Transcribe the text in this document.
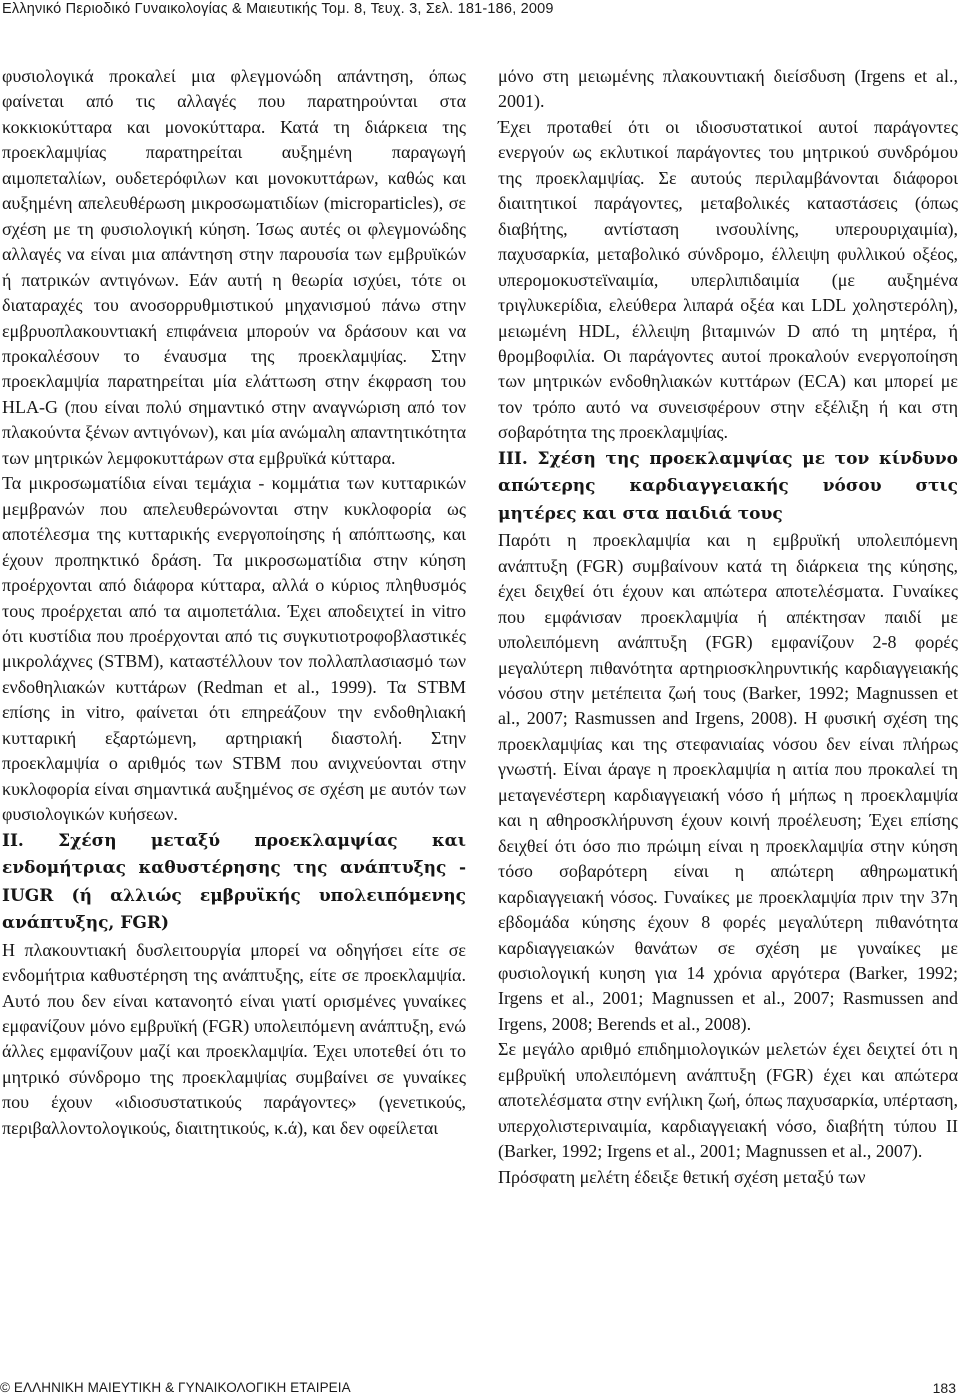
Ελληνικό Περιοδικό Γυναικολογίας & Μαιευτικής Τομ. 8, Τευχ. 3, Σελ. 181-186, 2009

φυσιολογικά προκαλεί μια φλεγμονώδη απάντηση, όπως φαίνεται από τις αλλαγές που παρατηρούνται στα κοκκιοκύτταρα και μονοκύτταρα. Κατά τη διάρκεια της προεκλαμψίας παρατηρείται αυξημένη παραγωγή αιμοπεταλίων, ουδετερόφιλων και μονοκυττάρων, καθώς και αυξημένη απελευθέρωση μικροσωματιδίων (microparticles), σε σχέση με τη φυσιολογική κύηση. Ίσως αυτές οι φλεγμονώδης αλλαγές να είναι μια απάντηση στην παρουσία των εμβρυϊκών ή πατρικών αντιγόνων. Εάν αυτή η θεωρία ισχύει, τότε οι διαταραχές του ανοσορρυθμιστικού μηχανισμού πάνω στην εμβρυοπλακουντιακή επιφάνεια μπορούν να δράσουν και να προκαλέσουν το έναυσμα της προεκλαμψίας. Στην προεκλαμψία παρατηρείται μία ελάττωση στην έκφραση του HLA-G (που είναι πολύ σημαντικό στην αναγνώριση από τον πλακούντα ξένων αντιγόνων), και μία ανώμαλη απαντητικότητα των μητρικών λεμφοκυττάρων στα εμβρυϊκά κύτταρα.

Τα μικροσωματίδια είναι τεμάχια - κομμάτια των κυτταρικών μεμβρανών που απελευθερώνονται στην κυκλοφορία ως αποτέλεσμα της κυτταρικής ενεργοποίησης ή απόπτωσης, και έχουν προπηκτικό δράση. Τα μικροσωματίδια στην κύηση προέρχονται από διάφορα κύτταρα, αλλά ο κύριος πληθυσμός τους προέρχεται από τα αιμοπετάλια. Έχει αποδειχτεί in vitro ότι κυστίδια που προέρχονται από τις συγκυτιοτροφοβλαστικές μικρολάχνες (STBM), καταστέλλουν τον πολλαπλασιασμό των ενδοθηλιακών κυττάρων (Redman et al., 1999). Τα STBM επίσης in vitro, φαίνεται ότι επηρεάζουν την ενδοθηλιακή κυτταρική εξαρτώμενη, αρτηριακή διαστολή. Στην προεκλαμψία ο αριθμός των STBM που ανιχνεύονται στην κυκλοφορία είναι σημαντικά αυξημένος σε σχέση με αυτόν των φυσιολογικών κυήσεων.

ΙΙ. Σχέση μεταξύ προεκλαμψίας και ενδομήτριας καθυστέρησης της ανάπτυξης - IUGR (ή αλλιώς εμβρυϊκής υπολειπόμενης ανάπτυξης, FGR)

Η πλακουντιακή δυσλειτουργία μπορεί να οδηγήσει είτε σε ενδομήτρια καθυστέρηση της ανάπτυξης, είτε σε προεκλαμψία. Αυτό που δεν είναι κατανοητό είναι γιατί ορισμένες γυναίκες εμφανίζουν μόνο εμβρυϊκή (FGR) υπολειπόμενη ανάπτυξη, ενώ άλλες εμφανίζουν μαζί και προεκλαμψία. Έχει υποτεθεί ότι το μητρικό σύνδρομο της προεκλαμψίας συμβαίνει σε γυναίκες που έχουν «ιδιοσυστατικούς παράγοντες» (γενετικούς, περιβαλλοντολογικούς, διαιτητικούς, κ.ά), και δεν οφείλεται

μόνο στη μειωμένης πλακουντιακή διείσδυση (Irgens et al., 2001).

Έχει προταθεί ότι οι ιδιοσυστατικοί αυτοί παράγοντες ενεργούν ως εκλυτικοί παράγοντες του μητρικού συνδρόμου της προεκλαμψίας. Σε αυτούς περιλαμβάνονται διάφοροι διαιτητικοί παράγοντες, μεταβολικές καταστάσεις (όπως διαβήτης, αντίσταση ινσουλίνης, υπερουριχαιμία), παχυσαρκία, μεταβολικό σύνδρομο, έλλειψη φυλλικού οξέος, υπερομοκυστεϊναιμία, υπερλιπιδαιμία (με αυξημένα τριγλυκερίδια, ελεύθερα λιπαρά οξέα και LDL χοληστερόλη), μειωμένη HDL, έλλειψη βιταμινών D από τη μητέρα, ή θρομβοφιλία. Οι παράγοντες αυτοί προκαλούν ενεργοποίηση των μητρικών ενδοθηλιακών κυττάρων (ECA) και μπορεί με τον τρόπο αυτό να συνεισφέρουν στην εξέλιξη ή και στη σοβαρότητα της προεκλαμψίας.

ΙΙΙ. Σχέση της προεκλαμψίας με τον κίνδυνο απώτερης καρδιαγγειακής νόσου στις μητέρες και στα παιδιά τους

Παρότι η προεκλαμψία και η εμβρυϊκή υπολειπόμενη ανάπτυξη (FGR) συμβαίνουν κατά τη διάρκεια της κύησης, έχει δειχθεί ότι έχουν και απώτερα αποτελέσματα. Γυναίκες που εμφάνισαν προεκλαμψία ή απέκτησαν παιδί με υπολειπόμενη ανάπτυξη (FGR) εμφανίζουν 2-8 φορές μεγαλύτερη πιθανότητα αρτηριοσκληρυντικής καρδιαγγειακής νόσου στην μετέπειτα ζωή τους (Barker, 1992; Magnussen et al., 2007; Rasmussen and Irgens, 2008). Η φυσική σχέση της προεκλαμψίας και της στεφανιαίας νόσου δεν είναι πλήρως γνωστή. Είναι άραγε η προεκλαμψία η αιτία που προκαλεί τη μεταγενέστερη καρδιαγγειακή νόσο ή μήπως η προεκλαμψία και η αθηροσκλήρυνση έχουν κοινή προέλευση; Έχει επίσης δειχθεί ότι όσο πιο πρώιμη είναι η προεκλαμψία στην κύηση τόσο σοβαρότερη είναι η απώτερη αθηρωματική καρδιαγγειακή νόσος. Γυναίκες με προεκλαμψία πριν την 37η εβδομάδα κύησης έχουν 8 φορές μεγαλύτερη πιθανότητα καρδιαγγειακών θανάτων σε σχέση με γυναίκες με φυσιολογική κυηση για 14 χρόνια αργότερα (Barker, 1992; Irgens et al., 2001; Magnussen et al., 2007; Rasmussen and Irgens, 2008; Berends et al., 2008).

Σε μεγάλο αριθμό επιδημιολογικών μελετών έχει δειχτεί ότι η εμβρυϊκή υπολειπόμενη ανάπτυξη (FGR) έχει και απώτερα αποτελέσματα στην ενήλικη ζωή, όπως παχυσαρκία, υπέρταση, υπερχολιστεριναιμία, καρδιαγγειακή νόσο, διαβήτη τύπου ΙΙ (Barker, 1992; Irgens et al., 2001; Magnussen et al., 2007).

Πρόσφατη μελέτη έδειξε θετική σχέση μεταξύ των

© ΕΛΛΗΝΙΚΗ ΜΑΙΕΥΤΙΚΗ & ΓΥΝΑΙΚΟΛΟΓΙΚΗ ΕΤΑΙΡΕΙΑ	183
